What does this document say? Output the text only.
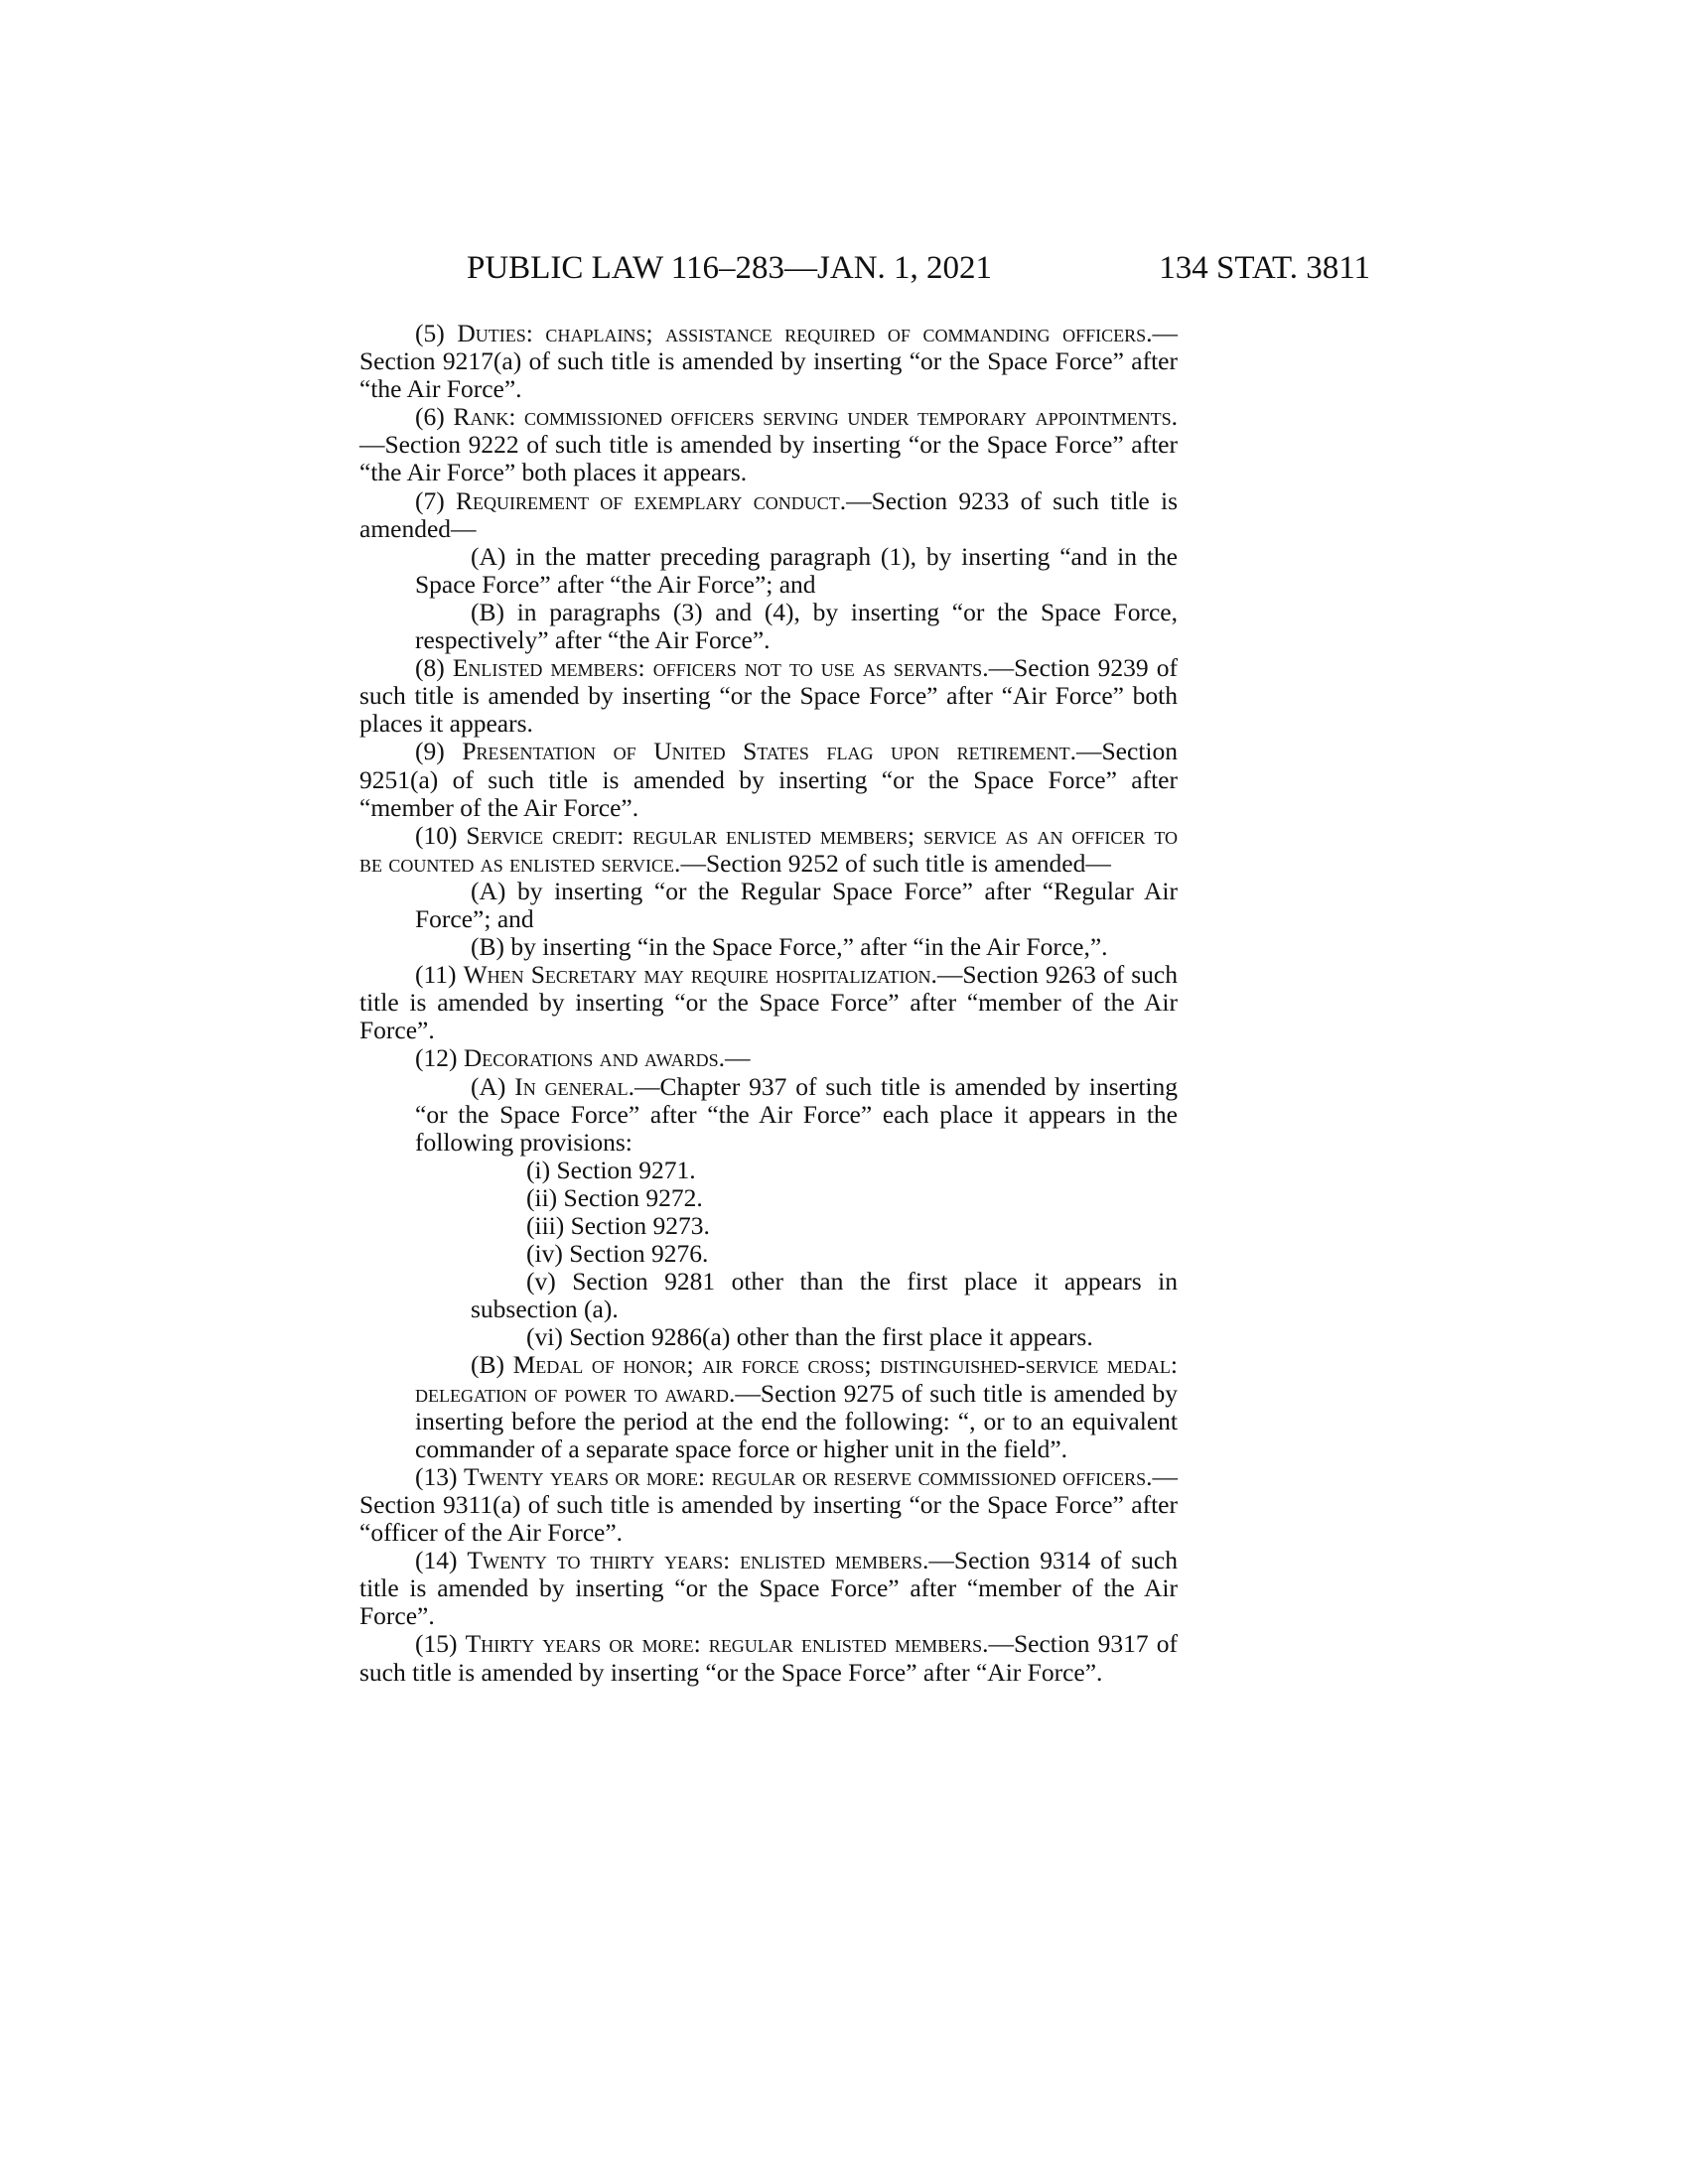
PUBLIC LAW 116–283—JAN. 1, 2021	134 STAT. 3811

(5) Duties: chaplains; assistance required of commanding officers.—Section 9217(a) of such title is amended by inserting “or the Space Force” after “the Air Force”.

(6) Rank: commissioned officers serving under temporary appointments.—Section 9222 of such title is amended by inserting “or the Space Force” after “the Air Force” both places it appears.

(7) Requirement of exemplary conduct.—Section 9233 of such title is amended—

(A) in the matter preceding paragraph (1), by inserting “and in the Space Force” after “the Air Force”; and

(B) in paragraphs (3) and (4), by inserting “or the Space Force, respectively” after “the Air Force”.

(8) Enlisted members: officers not to use as servants.—Section 9239 of such title is amended by inserting “or the Space Force” after “Air Force” both places it appears.

(9) Presentation of United States flag upon retirement.—Section 9251(a) of such title is amended by inserting “or the Space Force” after “member of the Air Force”.

(10) Service credit: regular enlisted members; service as an officer to be counted as enlisted service.—Section 9252 of such title is amended—

(A) by inserting “or the Regular Space Force” after “Regular Air Force”; and

(B) by inserting “in the Space Force,” after “in the Air Force,”.

(11) When Secretary may require hospitalization.—Section 9263 of such title is amended by inserting “or the Space Force” after “member of the Air Force”.

(12) Decorations and awards.—

(A) In general.—Chapter 937 of such title is amended by inserting “or the Space Force” after “the Air Force” each place it appears in the following provisions:

(i) Section 9271.

(ii) Section 9272.

(iii) Section 9273.

(iv) Section 9276.

(v) Section 9281 other than the first place it appears in subsection (a).

(vi) Section 9286(a) other than the first place it appears.

(B) Medal of honor; air force cross; distinguished-service medal: delegation of power to award.—Section 9275 of such title is amended by inserting before the period at the end the following: “, or to an equivalent commander of a separate space force or higher unit in the field”.

(13) Twenty years or more: regular or reserve commissioned officers.—Section 9311(a) of such title is amended by inserting “or the Space Force” after “officer of the Air Force”.

(14) Twenty to thirty years: enlisted members.—Section 9314 of such title is amended by inserting “or the Space Force” after “member of the Air Force”.

(15) Thirty years or more: regular enlisted members.—Section 9317 of such title is amended by inserting “or the Space Force” after “Air Force”.
